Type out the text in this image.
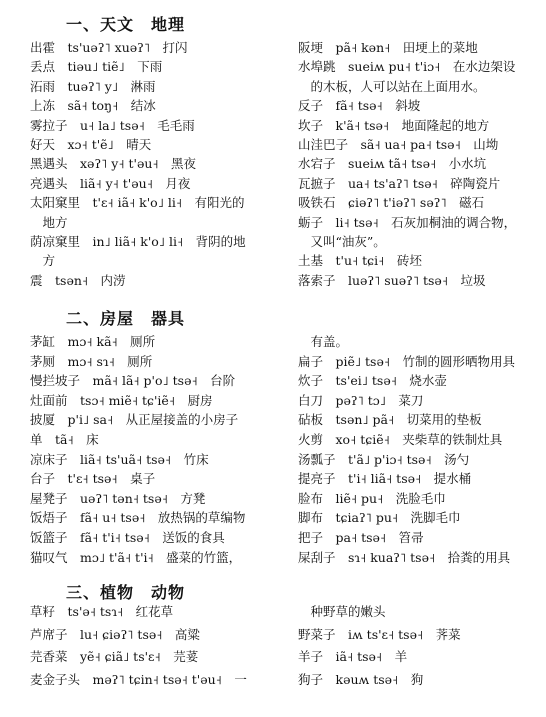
一、天文　地理
二、房屋　器具
三、植物　动物
出霍　ts'uəʔ˥ xuəʔ˥　打闪
丢点　tiəu˩ tiẽ˩　下雨
沰雨　tuəʔ˥ y˩　淋雨
上冻　sã˧ toŋ˧　结冰
雾拉子　u˧ la˩ tsə˧　毛毛雨
好天　xɔ˧ t'ẽ˩　晴天
黑遇头　xəʔ˥ y˧ t'əu˧　黑夜
亮遇头　liã˧ y˧ t'əu˧　月夜
太阳窠里　t'ɛ˧ iã˧ k'o˩ li˧　有阳光的
　地方
荫凉窠里　in˩ liã˧ k'o˩ li˧　背阴的地
　方
震　tsən˧　内涝
阪埂　pã˧ kən˧　田埂上的菜地
水埠跳　sueiʍ pu˧ t'iɔ˧　在水边架设
　的木板，人可以站在上面用水。
反子　fã˧ tsə˧　斜坡
坎子　k'ã˧ tsə˧　地面隆起的地方
山洼巴子　sã˧ ua˧ pa˧ tsə˧　山坳
水宕子　sueiʍ tã˧ tsə˧　小水坑
瓦摭子　ua˧ ts'aʔ˥ tsə˧　碎陶瓷片
吸铁石　ɕiəʔ˥ t'iəʔ˥ səʔ˥　磁石
蛎子　li˧ tsə˧　石灰加桐油的调合物，
　又叫“油灰”。
土基　t'u˧ tɕi˧　砖坯
落索子　luəʔ˥ suəʔ˥ tsə˧　垃圾
茅缸　mɔ˧ kã˧　厕所
茅厕　mɔ˧ sɿ˧　厕所
慢拦坡子　mã˧ lã˧ p'o˩ tsə˧　台阶
灶面前　tsɔ˧ miẽ˧ tɕ'iẽ˧　厨房
披厦　p'i˩ sa˧　从正屋接盖的小房子
单　tã˧　床
凉床子　liã˧ ts'uã˧ tsə˧　竹床
台子　t'ɛ˧ tsə˧　桌子
屋凳子　uəʔ˥ tən˧ tsə˧　方凳
饭焐子　fã˧ u˧ tsə˧　放热锅的草编物
饭篮子　fã˧ t'i˧ tsə˧　送饭的食具
猫叹气　mɔ˩ t'ã˧ t'i˧　盛菜的竹篮，
　有盖。
扁子　piẽ˩ tsə˧　竹制的圆形晒物用具
炊子　ts'ei˩ tsə˧　烧水壶
白刀　pəʔ˥ tɔ˩　菜刀
砧板　tsən˩ pã˧　切菜用的垫板
火剪　xo˧ tɕiẽ˧　夹柴草的铁制灶具
汤瓢子　t'ã˩ p'iɔ˧ tsə˧　汤勺
提亮子　t'i˧ liã˧ tsə˧　提水桶
脸布　liẽ˧ pu˧　洗脸毛巾
脚布　tɕiaʔ˥ pu˧　洗脚毛巾
把子　pa˧ tsə˧　笤帚
屎刮子　sɿ˧ kuaʔ˥ tsə˧　拾粪的用具
草籽　ts'ə˧ tsɿ˧　红花草
芦席子　lu˧ ɕiəʔ˥ tsə˧　高粱
芫香菜　yẽ˧ ɕiã˩ ts'ɛ˧　芫荽
麦金子头　məʔ˥ tɕin˧ tsə˧ t'əu˧　一
　种野草的嫩头
野菜子　iʍ ts'ɛ˧ tsə˧　荠菜
羊子　iã˧ tsə˧　羊
狗子　kəuʍ tsə˧　狗
